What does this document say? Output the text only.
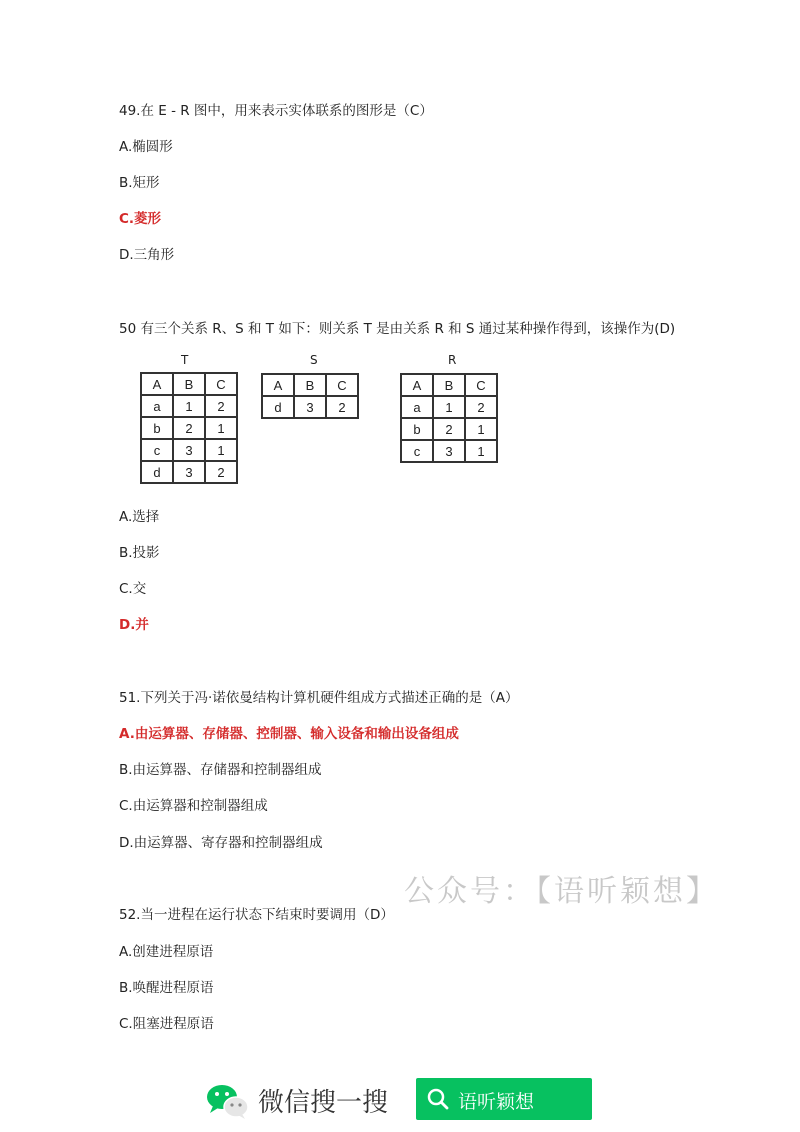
49.在 E - R 图中，用来表示实体联系的图形是（C）
A.椭圆形
B.矩形
C.菱形
D.三角形
50 有三个关系 R、S 和 T 如下：则关系 T 是由关系 R 和 S 通过某种操作得到，该操作为(D)
T
A	B	C
a	1	2
b	2	1
c	3	1
d	3	2
S
A	B	C
d	3	2
R
A	B	C
a	1	2
b	2	1
c	3	1
A.选择
B.投影
C.交
D.并
51.下列关于冯·诺依曼结构计算机硬件组成方式描述正确的是（A）
A.由运算器、存储器、控制器、输入设备和输出设备组成
B.由运算器、存储器和控制器组成
C.由运算器和控制器组成
D.由运算器、寄存器和控制器组成
公众号：【语听颖想】
52.当一进程在运行状态下结束时要调用（D）
A.创建进程原语
B.唤醒进程原语
C.阻塞进程原语
微信搜一搜	语听颖想
